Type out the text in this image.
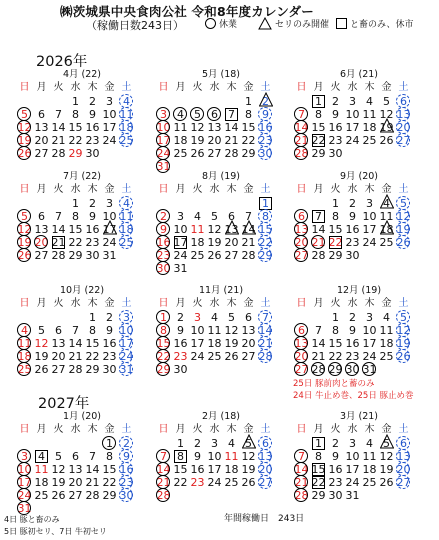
㈱茨城県中央食肉公社 令和8年度カレンダー
（稼働日数243日）	休業	セリのみ開催 と畜のみ、休市
2026年
2027年
4月 (22)
日 月 火 水 木 金 土
1 2 3 4
5 6 7 8 9 10 11
12 13 14 15 16 17 18
19 20 21 22 23 24 25
26 27 28 29 30
5月 (18)
日 月 火 水 木 金 土
1 2
3 4 5 6 7 8 9
10 11 12 13 14 15 16
17 18 19 20 21 22 23
24 25 26 27 28 29 30
31
6月 (21)
日 月 火 水 木 金 土
1 2 3 4 5 6
7 8 9 10 11 12 13
14 15 16 17 18 19 20
21 22 23 24 25 26 27
28 29 30
7月 (22)
日 月 火 水 木 金 土
1 2 3 4
5 6 7 8 9 10 11
12 13 14 15 16 17 18
19 20 21 22 23 24 25
26 27 28 29 30 31
8月 (19)
日 月 火 水 木 金 土
1
2 3 4 5 6 7 8
9 10 11 12 13 14 15
16 17 18 19 20 21 22
23 24 25 26 27 28 29
30 31
9月 (20)
日 月 火 水 木 金 土
1 2 3 4 5
6 7 8 9 10 11 12
13 14 15 16 17 18 19
20 21 22 23 24 25 26
27 28 29 30
10月 (22)
日 月 火 水 木 金 土
1 2 3
4 5 6 7 8 9 10
11 12 13 14 15 16 17
18 19 20 21 22 23 24
25 26 27 28 29 30 31
11月 (21)
日 月 火 水 木 金 土
1 2 3 4 5 6 7
8 9 10 11 12 13 14
15 16 17 18 19 20 21
22 23 24 25 26 27 28
29 30
12月 (19)
日 月 火 水 木 金 土
1 2 3 4 5
6 7 8 9 10 11 12
13 14 15 16 17 18 19
20 21 22 23 24 25 26
27 28 29 30 31
25日 豚前肉と蓄のみ
24日 牛止め巻、25日 豚止め巻
1月 (20)
日 月 火 水 木 金 土
1 2
3 4 5 6 7 8 9
10 11 12 13 14 15 16
17 18 19 20 21 22 23
24 25 26 27 28 29 30
31
2月 (18)
日 月 火 水 木 金 土
1 2 3 4 5 6
7 8 9 10 11 12 13
14 15 16 17 18 19 20
21 22 23 24 25 26 27
28
3月 (21)
日 月 火 水 木 金 土
1 2 3 4 5 6
7 8 9 10 11 12 13
14 15 16 17 18 19 20
21 22 23 24 25 26 27
28 29 30 31
4日 豚と畜のみ
5日 豚初セリ、7日 牛初セリ
年間稼働日　243日
